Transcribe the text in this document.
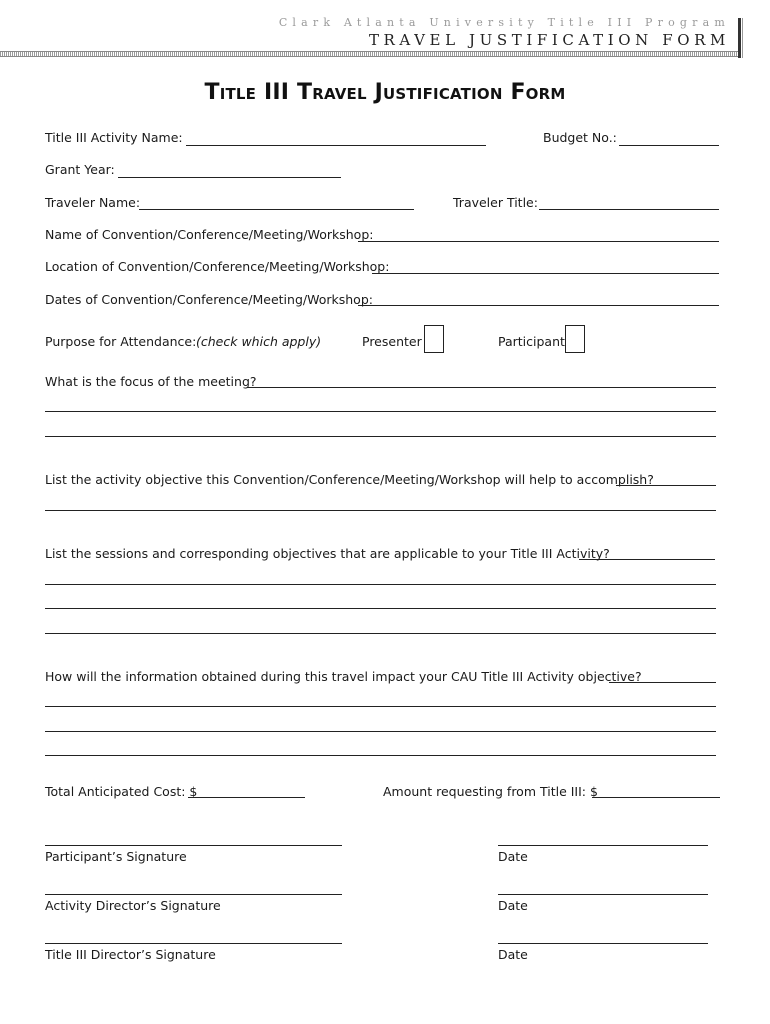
Clark Atlanta University Title III Program
TRAVEL JUSTIFICATION FORM
Title III Travel Justification Form
Title III Activity Name:	Budget No.:
Grant Year:
Traveler Name:	Traveler Title:
Name of Convention/Conference/Meeting/Workshop:
Location of Convention/Conference/Meeting/Workshop:
Dates of Convention/Conference/Meeting/Workshop:
Purpose for Attendance: (check which apply)	Presenter	Participant
What is the focus of the meeting?
List the activity objective this Convention/Conference/Meeting/Workshop will help to accomplish?
List the sessions and corresponding objectives that are applicable to your Title III Activity?
How will the information obtained during this travel impact your CAU Title III Activity objective?
Total Anticipated Cost: $	Amount requesting from Title III: $
Participant’s Signature	Date
Activity Director’s Signature	Date
Title III Director’s Signature	Date
